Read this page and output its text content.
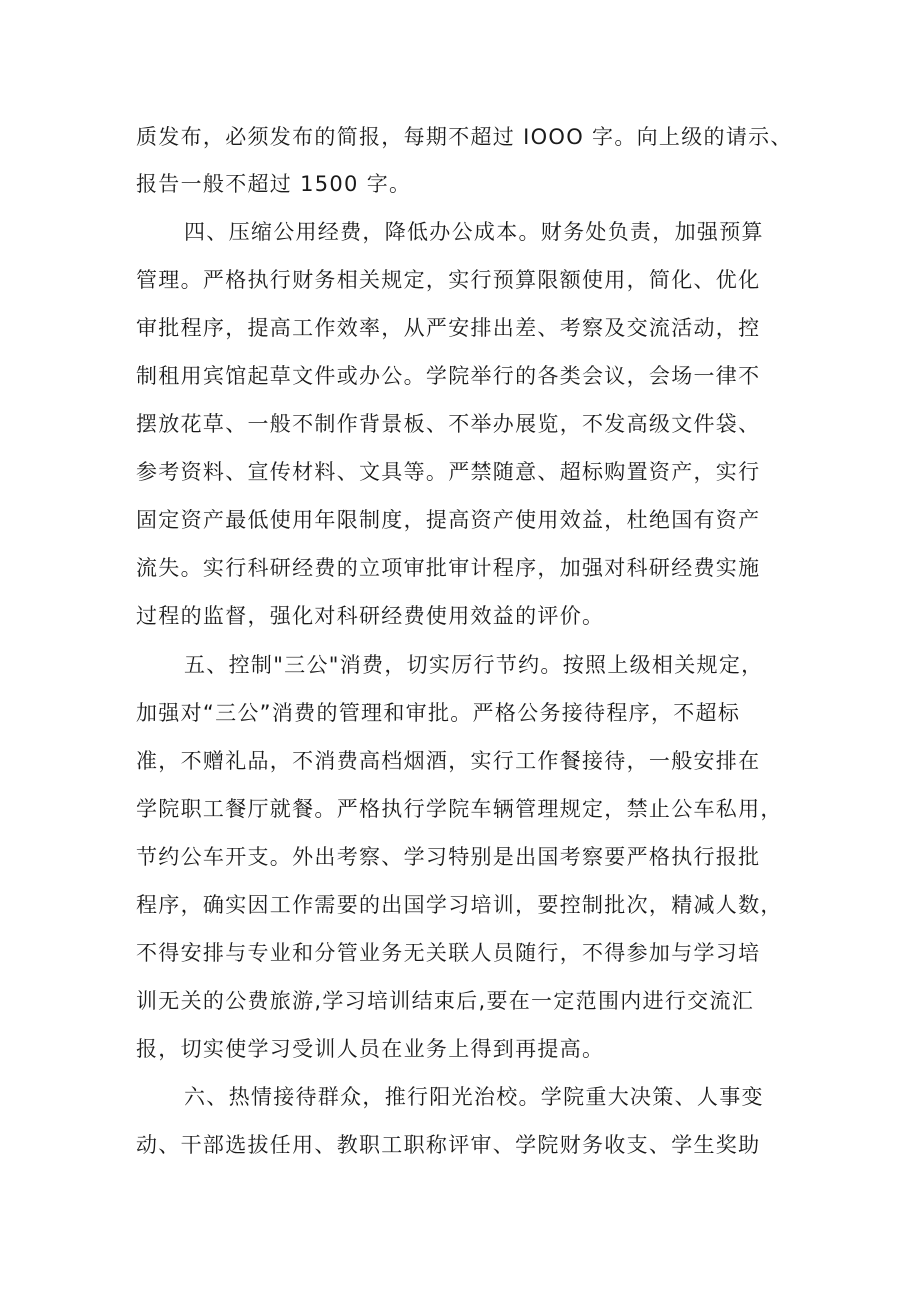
质发布，必须发布的简报，每期不超过 IOOO 字。向上级的请示、
报告一般不超过 1500 字。
四、压缩公用经费，降低办公成本。财务处负责，加强预算
管理。严格执行财务相关规定，实行预算限额使用，简化、优化
审批程序，提高工作效率，从严安排出差、考察及交流活动，控
制租用宾馆起草文件或办公。学院举行的各类会议，会场一律不
摆放花草、一般不制作背景板、不举办展览，不发高级文件袋、
参考资料、宣传材料、文具等。严禁随意、超标购置资产，实行
固定资产最低使用年限制度，提高资产使用效益，杜绝国有资产
流失。实行科研经费的立项审批审计程序，加强对科研经费实施
过程的监督，强化对科研经费使用效益的评价。
五、控制"三公"消费，切实厉行节约。按照上级相关规定，
加强对“三公”消费的管理和审批。严格公务接待程序，不超标
准，不赠礼品，不消费高档烟酒，实行工作餐接待，一般安排在
学院职工餐厅就餐。严格执行学院车辆管理规定，禁止公车私用，
节约公车开支。外出考察、学习特别是出国考察要严格执行报批
程序，确实因工作需要的出国学习培训，要控制批次，精减人数，
不得安排与专业和分管业务无关联人员随行，不得参加与学习培
训无关的公费旅游,学习培训结束后,要在一定范围内进行交流汇
报，切实使学习受训人员在业务上得到再提高。
六、热情接待群众，推行阳光治校。学院重大决策、人事变
动、干部选拔任用、教职工职称评审、学院财务收支、学生奖助
